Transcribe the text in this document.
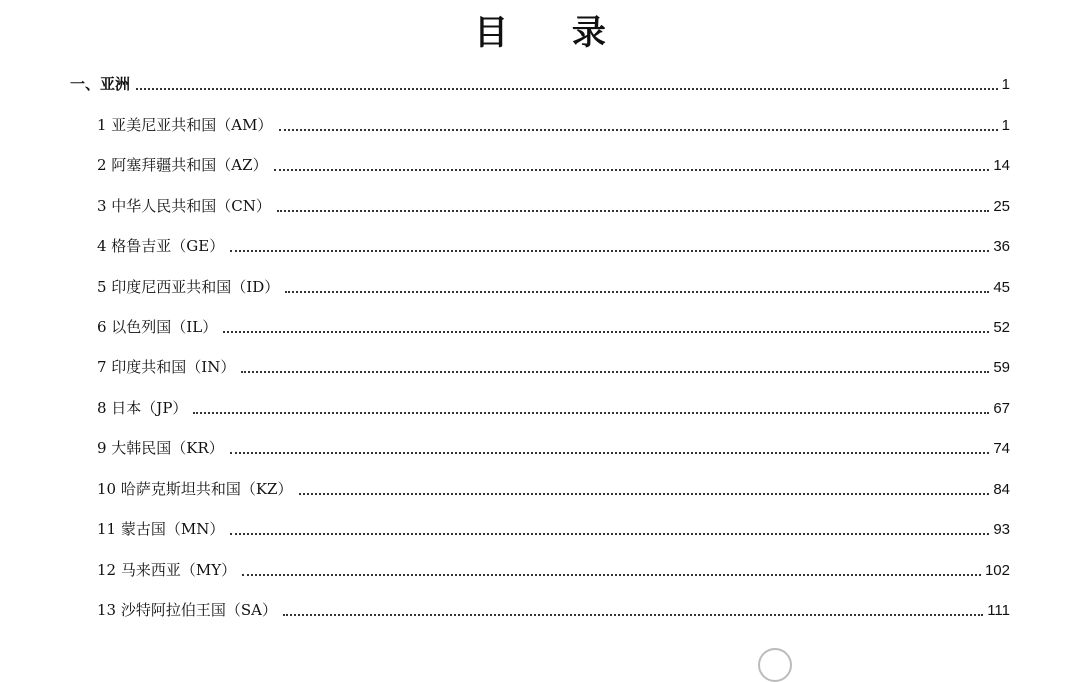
目 录
一、亚洲	1
1 亚美尼亚共和国（AM）	1
2 阿塞拜疆共和国（AZ）	14
3 中华人民共和国（CN）	25
4 格鲁吉亚（GE）	36
5 印度尼西亚共和国（ID）	45
6 以色列国（IL）	52
7 印度共和国（IN）	59
8 日本（JP）	67
9 大韩民国（KR）	74
10 哈萨克斯坦共和国（KZ）	84
11 蒙古国（MN）	93
12 马来西亚（MY）	102
13 沙特阿拉伯王国（SA）	111
